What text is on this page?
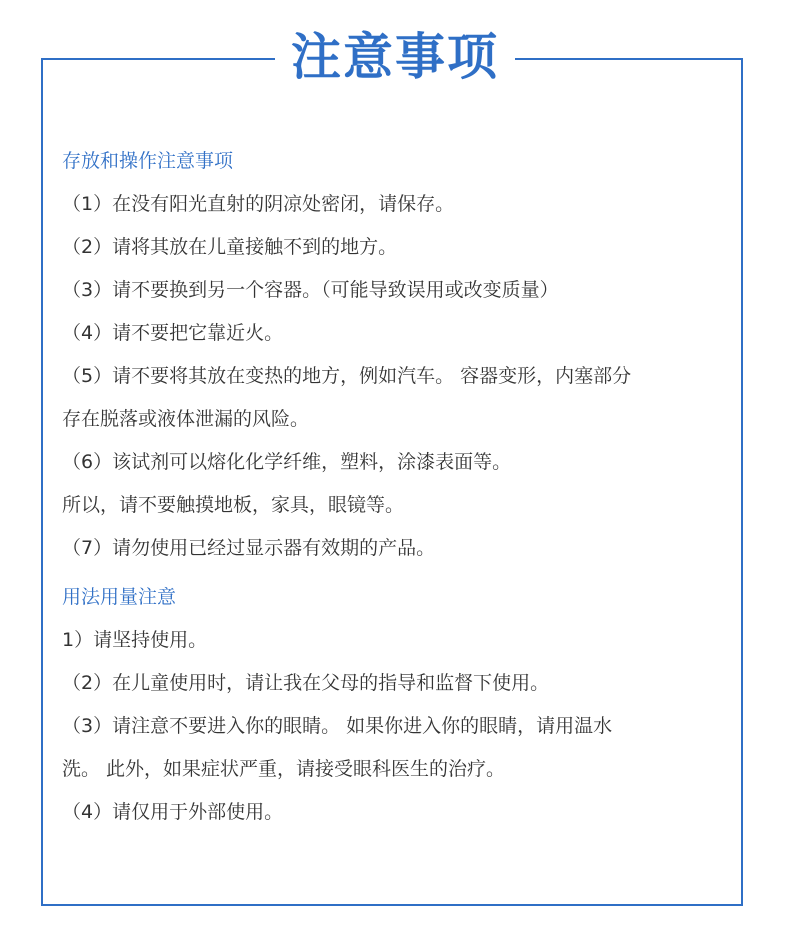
注意事项
存放和操作注意事项
（1）在没有阳光直射的阴凉处密闭，请保存。
（2）请将其放在儿童接触不到的地方。
（3）请不要换到另一个容器。（可能导致误用或改变质量）
（4）请不要把它靠近火。
（5）请不要将其放在变热的地方，例如汽车。 容器变形，内塞部分
存在脱落或液体泄漏的风险。
（6）该试剂可以熔化化学纤维，塑料，涂漆表面等。
所以，请不要触摸地板，家具，眼镜等。
（7）请勿使用已经过显示器有效期的产品。
用法用量注意
1）请坚持使用。
（2）在儿童使用时，请让我在父母的指导和监督下使用。
（3）请注意不要进入你的眼睛。 如果你进入你的眼睛，请用温水
洗。 此外，如果症状严重，请接受眼科医生的治疗。
（4）请仅用于外部使用。
